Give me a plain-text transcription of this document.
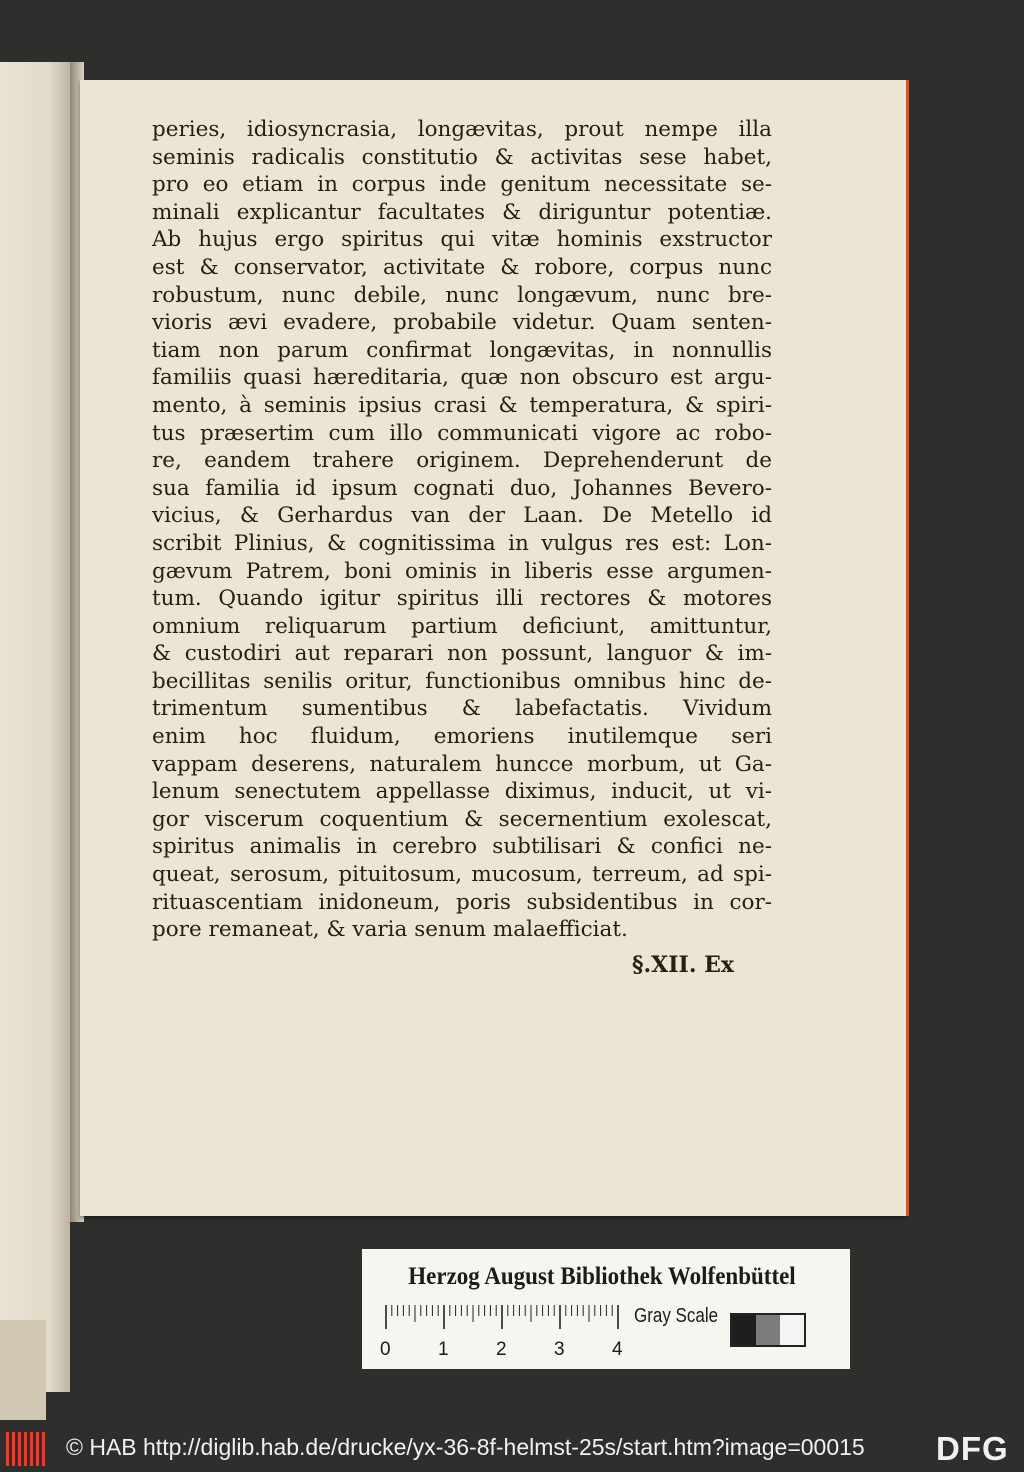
peries, idiosyncrasia, longævitas, prout nempe illa
seminis radicalis constitutio & activitas sese habet,
pro eo etiam in corpus inde genitum necessitate se-
minali explicantur facultates & diriguntur potentiæ.
Ab hujus ergo spiritus qui vitæ hominis exstructor
est & conservator, activitate & robore, corpus nunc
robustum, nunc debile, nunc longævum, nunc bre-
vioris ævi evadere, probabile videtur. Quam senten-
tiam non parum confirmat longævitas, in nonnullis
familiis quasi hæreditaria, quæ non obscuro est argu-
mento, à seminis ipsius crasi & temperatura, & spiri-
tus præsertim cum illo communicati vigore ac robo-
re, eandem trahere originem. Deprehenderunt de
sua familia id ipsum cognati duo, Johannes Bevero-
vicius, & Gerhardus van der Laan. De Metello id
scribit Plinius, & cognitissima in vulgus res est: Lon-
gævum Patrem, boni ominis in liberis esse argumen-
tum. Quando igitur spiritus illi rectores & motores
omnium reliquarum partium deficiunt, amittuntur,
& custodiri aut reparari non possunt, languor & im-
becillitas senilis oritur, functionibus omnibus hinc de-
trimentum sumentibus & labefactatis. Vividum
enim hoc fluidum, emoriens inutilemque seri
vappam deserens, naturalem huncce morbum, ut Ga-
lenum senectutem appellasse diximus, inducit, ut vi-
gor viscerum coquentium & secernentium exolescat,
spiritus animalis in cerebro subtilisari & confici ne-
queat, serosum, pituitosum, mucosum, terreum, ad spi-
rituascentiam inidoneum, poris subsidentibus in cor-
pore remaneat, & varia senum malaefficiat.
§.XII. Ex
Herzog August Bibliothek Wolfenbüttel
0 1 2 3 4
Gray Scale
© HAB http://diglib.hab.de/drucke/yx-36-8f-helmst-25s/start.htm?image=00015 DFG
